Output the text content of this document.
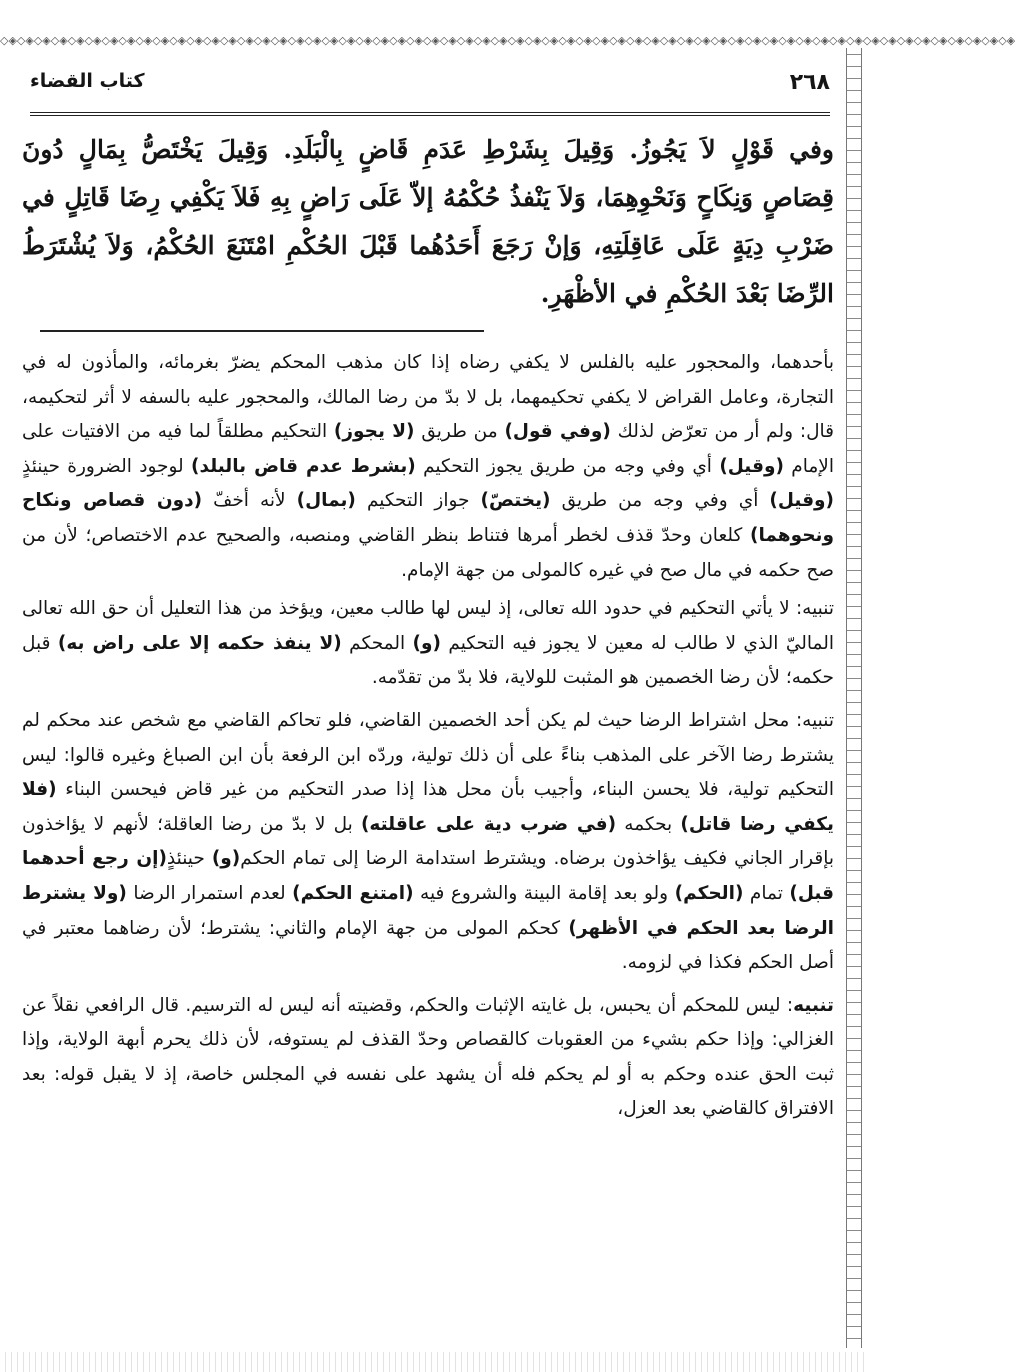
◇◈◇◈◇◈◇◈◇◈◇◈◇◈◇◈◇◈◇◈◇◈◇◈◇◈◇◈◇◈◇◈◇◈◇◈◇◈◇◈◇◈◇◈◇◈◇◈◇◈◇◈◇◈◇◈◇◈◇◈◇◈◇◈◇◈◇◈◇◈◇◈◇◈◇◈◇◈◇◈◇◈◇◈◇◈◇◈◇◈◇◈◇◈◇◈◇◈◇◈◇◈◇◈◇◈◇◈◇◈◇◈◇◈◇◈◇◈◇◈
٢٦٨
كتاب القضاء
وفي قَوْلٍ لاَ يَجُوزُ. وَقِيلَ بِشَرْطِ عَدَمِ قَاضٍ بِالْبَلَدِ. وَقِيلَ يَخْتَصُّ بِمَالٍ دُونَ قِصَاصٍ وَنِكَاحٍ وَنَحْوِهِمَا، وَلاَ يَنْفذُ حُكْمُهُ إلاّ عَلَى رَاضٍ بِهِ فَلاَ يَكْفِي رِضَا قَاتِلٍ في ضَرْبِ دِيَةٍ عَلَى عَاقِلَتِهِ، وَإنْ رَجَعَ أَحَدُهُما قَبْلَ الحُكْمِ امْتَنَعَ الحُكْمُ، وَلاَ يُشْتَرَطُ الرِّضَا بَعْدَ الحُكْمِ في الأظْهَرِ.

بأحدهما، والمحجور عليه بالفلس لا يكفي رضاه إذا كان مذهب المحكم يضرّ بغرمائه، والمأذون له في التجارة، وعامل القراض لا يكفي تحكيمهما، بل لا بدّ من رضا المالك، والمحجور عليه بالسفه لا أثر لتحكيمه، قال: ولم أر من تعرّض لذلك (وفي قول) من طريق (لا يجوز) التحكيم مطلقاً لما فيه من الافتيات على الإمام (وقيل) أي وفي وجه من طريق يجوز التحكيم (بشرط عدم قاض بالبلد) لوجود الضرورة حينئذٍ (وقيل) أي وفي وجه من طريق (يختصّ) جواز التحكيم (بمال) لأنه أخفّ (دون قصاص ونكاح ونحوهما) كلعان وحدّ قذف لخطر أمرها فتناط بنظر القاضي ومنصبه، والصحيح عدم الاختصاص؛ لأن من صح حكمه في مال صح في غيره كالمولى من جهة الإمام.

تنبيه: لا يأتي التحكيم في حدود الله تعالى، إذ ليس لها طالب معين، ويؤخذ من هذا التعليل أن حق الله تعالى الماليّ الذي لا طالب له معين لا يجوز فيه التحكيم (و) المحكم (لا ينفذ حكمه إلا على راض به) قبل حكمه؛ لأن رضا الخصمين هو المثبت للولاية، فلا بدّ من تقدّمه.

تنبيه: محل اشتراط الرضا حيث لم يكن أحد الخصمين القاضي، فلو تحاكم القاضي مع شخص عند محكم لم يشترط رضا الآخر على المذهب بناءً على أن ذلك تولية، وردّه ابن الرفعة بأن ابن الصباغ وغيره قالوا: ليس التحكيم تولية، فلا يحسن البناء، وأجيب بأن محل هذا إذا صدر التحكيم من غير قاض فيحسن البناء (فلا يكفي رضا قاتل) بحكمه (في ضرب دية على عاقلته) بل لا بدّ من رضا العاقلة؛ لأنهم لا يؤاخذون بإقرار الجاني فكيف يؤاخذون برضاه. ويشترط استدامة الرضا إلى تمام الحكم(و) حينئذٍ(إن رجع أحدهما قبل) تمام (الحكم) ولو بعد إقامة البينة والشروع فيه (امتنع الحكم) لعدم استمرار الرضا (ولا يشترط الرضا بعد الحكم في الأظهر) كحكم المولى من جهة الإمام والثاني: يشترط؛ لأن رضاهما معتبر في أصل الحكم فكذا في لزومه.

تنبيه: ليس للمحكم أن يحبس، بل غايته الإثبات والحكم، وقضيته أنه ليس له الترسيم. قال الرافعي نقلاً عن الغزالي: وإذا حكم بشيء من العقوبات كالقصاص وحدّ القذف لم يستوفه، لأن ذلك يحرم أبهة الولاية، وإذا ثبت الحق عنده وحكم به أو لم يحكم فله أن يشهد على نفسه في المجلس خاصة، إذ لا يقبل قوله: بعد الافتراق كالقاضي بعد العزل،
